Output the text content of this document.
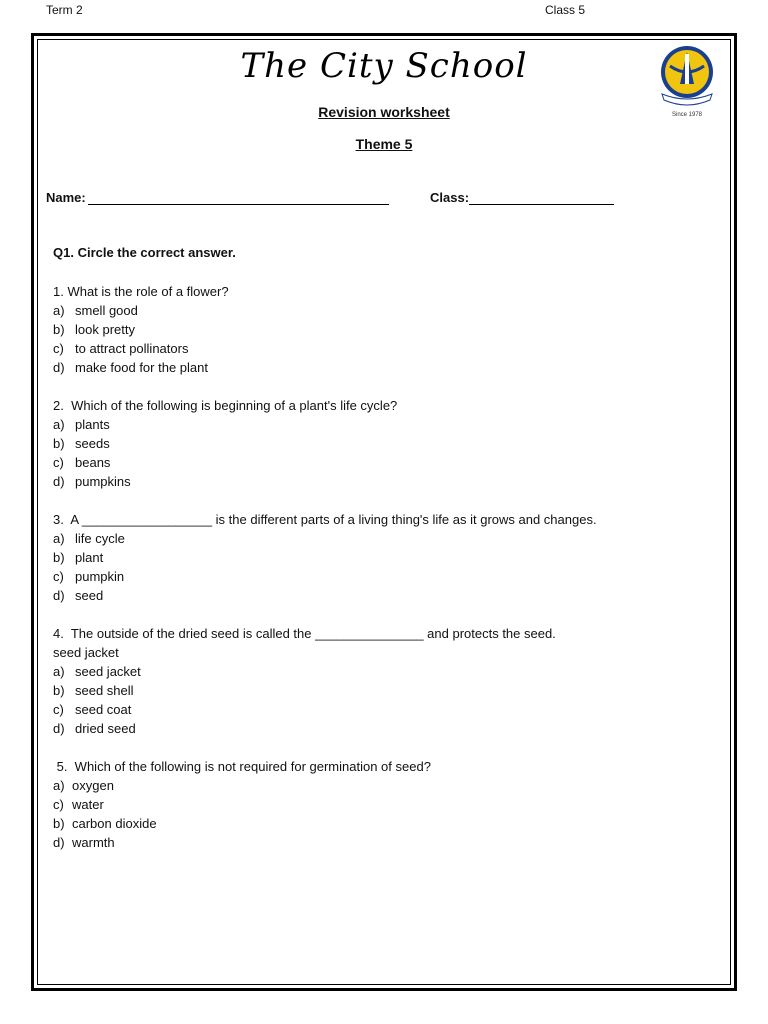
Term 2	Class 5
The City School
Revision worksheet
Theme 5
Since 1978
Name:	Class:
Q1. Circle the correct answer.
1. What is the role of a flower?
a) smell good
b) look pretty
c) to attract pollinators
d) make food for the plant
2.  Which of the following is beginning of a plant's life cycle?
a) plants
b) seeds
c) beans
d) pumpkins
3.  A __________________ is the different parts of a living thing's life as it grows and changes.
a) life cycle
b) plant
c) pumpkin
d) seed
4.  The outside of the dried seed is called the _______________ and protects the seed.
seed jacket
a) seed jacket
b) seed shell
c) seed coat
d) dried seed
5.  Which of the following is not required for germination of seed?
a) oxygen
c) water
b) carbon dioxide
d) warmth
